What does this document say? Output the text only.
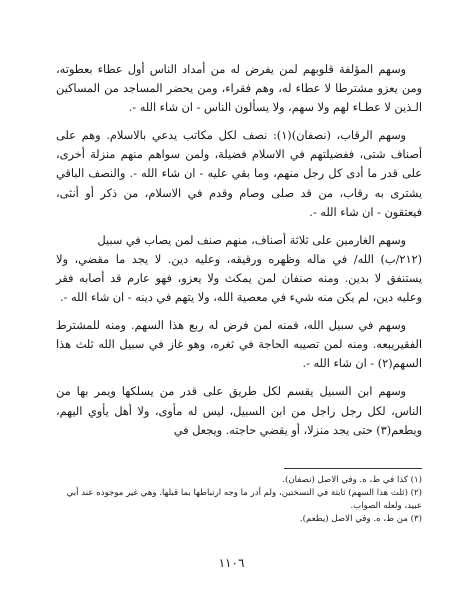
وسهم المؤلفة قلوبهم لمن يفرض له من أمداد الناس أول عطاء بعطوته، ومن يعزو مشترطا لا عطاء له، وهم فقراء، ومن يحضر المساجد من المساكين الـذين لا عطـاء لهم ولا سهم، ولا يسألون الناس - ان شاء الله -.

وسهم الرقاب، (نصفان)(١): نصف لكل مكاتب يدعي بالاسلام. وهم على أصناف شتى، ففضيلتهم في الاسلام فضيلة، ولمن سواهم منهم منزلة أخرى، على قدر ما أدى كل رجل منهم، وما بقي عليه - ان شاء الله -. والنصف الباقي يشترى به رقاب، من قد صلى وصام وقدم في الاسلام، من ذكر أو أنثى، فيعتقون - ان شاء الله -.

وسهم الغارمين على ثلاثة أصناف، منهم صنف لمن يصاب في سبيل

(٢١٢/ب) الله/ في ماله وظهره ورقيقه، وعليه دين. لا يجد ما مقضي، ولا يستنفق لا بدين. ومنه صنفان لمن يمكث ولا يعزو، فهو عارم قد أصابه فقر وعليه دين، لم يكن منه شيء في معصية الله، ولا يتهم في دينه - ان شاء الله -.

وسهم في سبيل الله، فمنه لمن فرض له ربع هذا السهم. ومنه للمشترط الفقيريبعه. ومنه لمن تصيبه الحاجة في ثغره، وهو غاز في سبيل الله ثلث هذا السهم(٢) - ان شاء الله -.

وسهم ابن السبيل يقسم لكل طريق على قدر من يسلكها ويمر بها من الناس، لكل رجل راجل من ابن السبيل، ليس له مأوى، ولا أهل يأوي اليهم، ويطعم(٣) حتى يجد منزلا، أو يقضي حاجته. ويجعل في

(١) كذا في ط، ه. وفي الاصل (نصفان).

(٢) (ثلث هذا السهم) ثابتة في النسختين، ولم أدر ما وجه ارتباطها بما قبلها. وهي غير موجوده عند أبي عبيد، ولعله الصواب.

(٣) من ط، ه. وفي الاصل (يطعم).

١١٠٦
